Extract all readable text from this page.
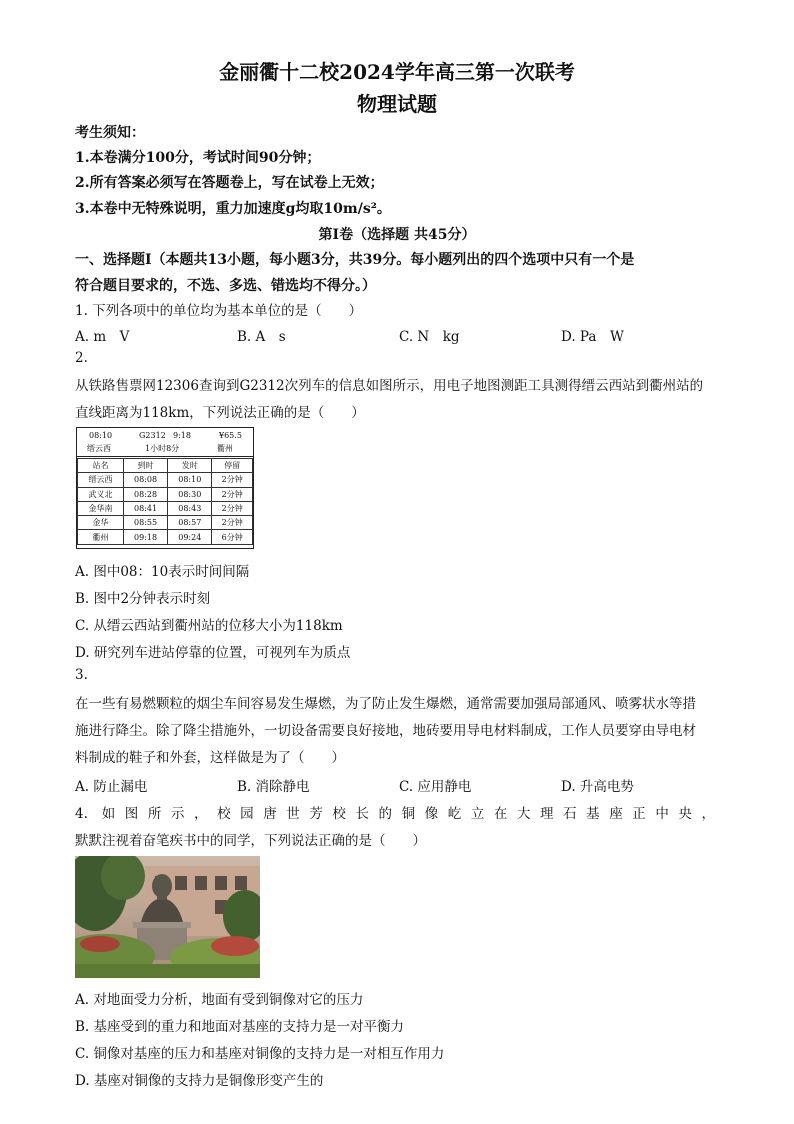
金丽衢十二校2024学年高三第一次联考
物理试题
考生须知：
1.本卷满分100分，考试时间90分钟；
2.所有答案必须写在答题卷上，写在试卷上无效；
3.本卷中无特殊说明，重力加速度g均取10m/s²。
第Ⅰ卷（选择题 共45分）
一、选择题Ⅰ（本题共13小题，每小题3分，共39分。每小题列出的四个选项中只有一个是
符合题目要求的，不选、多选、错选均不得分。）
1. 下列各项中的单位均为基本单位的是（　　）
A. m　V	B. A　s	C. N　kg	D. Pa　W
2.
从铁路售票网12306查询到G2312次列车的信息如图所示，用电子地图测距工具测得缙云西站到衢州站的
直线距离为118km，下列说法正确的是（　　）
08:10	G2312 9:18	¥65.5
缙云西	1小时8分	衢州
站名	到时	发时	停留
缙云西	08:08	08:10	2分钟
武义北	08:28	08:30	2分钟
金华南	08:41	08:43	2分钟
金华	08:55	08:57	2分钟
衢州	09:18	09:24	6分钟
A. 图中08：10表示时间间隔
B. 图中2分钟表示时刻
C. 从缙云西站到衢州站的位移大小为118km
D. 研究列车进站停靠的位置，可视列车为质点
3.
在一些有易燃颗粒的烟尘车间容易发生爆燃，为了防止发生爆燃，通常需要加强局部通风、喷雾状水等措
施进行降尘。除了降尘措施外，一切设备需要良好接地，地砖要用导电材料制成，工作人员要穿由导电材
料制成的鞋子和外套，这样做是为了（　　）
A. 防止漏电	B. 消除静电	C. 应用静电	D. 升高电势
4. 如图所示，校园唐世芳校长的铜像屹立在大理石基座正中央，
默默注视着奋笔疾书中的同学，下列说法正确的是（　　）
A. 对地面受力分析，地面有受到铜像对它的压力
B. 基座受到的重力和地面对基座的支持力是一对平衡力
C. 铜像对基座的压力和基座对铜像的支持力是一对相互作用力
D. 基座对铜像的支持力是铜像形变产生的
